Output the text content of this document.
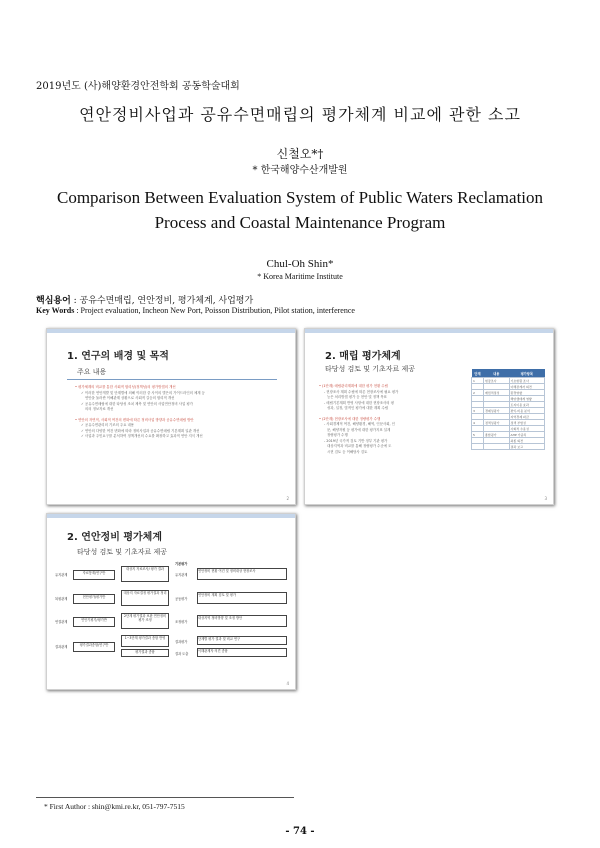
2019년도 (사)해양환경안전학회 공동학술대회
연안정비사업과 공유수면매립의 평가체계 비교에 관한 소고
신철오*†
* 한국해양수산개발원
Comparison Between Evaluation System of Public Waters Reclamation
Process and Coastal Maintenance Program
Chul-Oh Shin*
* Korea Maritime Institute
핵심용어 : 공유수면매립, 연안정비, 평가체계, 사업평가
Key Words : Project evaluation, Incheon New Port, Poisson Distribution, Pilot station, interference
1. 연구의 배경 및 목적
주요 내용
• 평가체계의 비교를 통한 사회적 합리성(정책성)의 평가방법의 개선
✓ 이러한 연안개발 및 단계별에 의해 이러한 중 사이의 별은의 가이드라인의 체계 등
연안을 둘러싼 이해관계 상황으로 사회적 갈등의 합리적 개선
✓ 공유수면매립에 대한 타당성 조치 제측 및 연안의 사업연안정비 사업 평가
의의 정보자료 개선
• 연안의 자연적, 사회적 여건의 변화에 따른 정비사업 방향과 공유수면매립 방안
✓ 공유수면관리의 기조의 주요 내용
✓ 연안의 다양한 여건 변화에 따라 정비사업과 공유수면매립 기본계획 일관 개선
✓ 사업과 주민요구를 분석하여 정책개선의 수요를 확장하고 효과적 연안 지식 개선
2
2. 매립 평가체계
타당성 검토 및 기초자료 제공
• (1단계) 매립관리계획에 대한 평가 현황 수립
- 현장조사 계획 수립에 따른 현장조사에 필요 평가
능은 처리방법 평가 등 현안 및 정책 목표
- 매립기본계획 반영 사항에 대한 현장조사의 평
성과, 일정, 법적인 평가에 대한 계획 수립
• (2단계) 현장조사에 대한 정량평가 수행
- 사회경제적 여건, 해양환경, 해역, 인문사회, 인
문, 해양자원 등 평가에 대한 평가지표 설계
정량평가 수행
- 2019년 국가적 검토 기반 정부 기관 평가
대상지역과 비교를 통해 정량평가 수준에 도
시현 검토 등 이해당사 검토
단계	내용	평가항목
1	현장조사	기초현황 조사
		이해관계자 의견
2	매립적정성	환경영향
		해양생태계 영향
		토지이용 효과
3	경제성평가	편익-비용 분석
		지역경제 파급
4	정책성평가	정책 부합성
		사회적 수용성
5	종합평가	AHP 가중치
		최종 의견
		결과 보고
3
2. 연안정비 평가체계
타당성 검토 및 기초자료 제공
유지관계
복원관계
연결관계
결과관계
자료통계/연구반
현안평가/평가반
연안기평가/평가반
평가결과종합/연구반
대상지 자료조사/ 평가 결과
대상지 자료결정 평가결과 정리
2단계 평가결과 보완 연안정비 평가 조정
1~3단계 평가결과 종합 반영
평가결과 종합
기본평가
유지관계
공동평가
조정평가
결과평가
결과 도출
연안정비 현황 여건 및 정비대상 현장조사
연안정비 계획 검토 및 평가
대상지역 정비방향 및 조정 방안
단계별 평가 결과 및 비교 연구
이해관계자 의견 종합
4
* First Author : shin@kmi.re.kr, 051-797-7515
- 74 -
